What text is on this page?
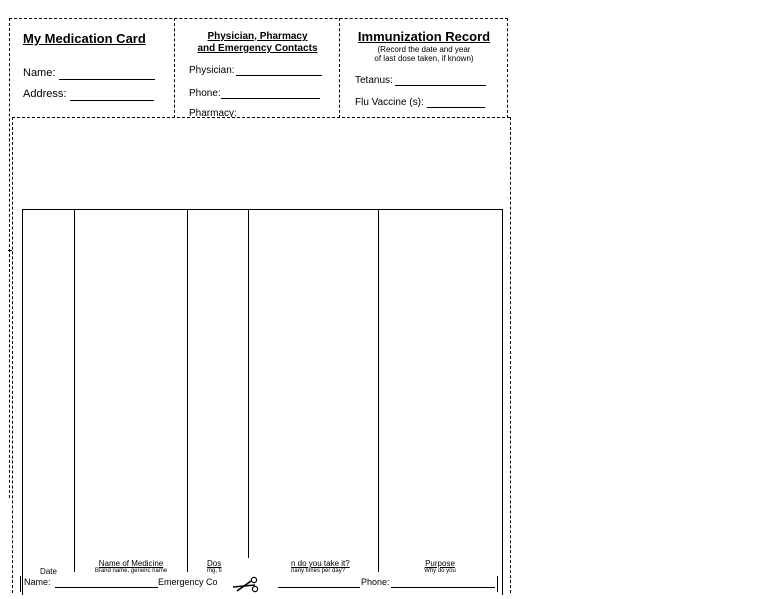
My Medication Card
Name:
Address:
Physician, Pharmacy
and Emergency Contacts
Physician:
Phone:
Pharmacy:
Immunization Record
(Record the date and year
of last dose taken, if known)
Tetanus:
Flu Vaccine (s):
Date
Name of Medicine
Brand name, generic name
Dos
mg, ti
n do you take it?
nany times per day?
Purpose
Why do you
Name:	Emergency Co	Phone:
